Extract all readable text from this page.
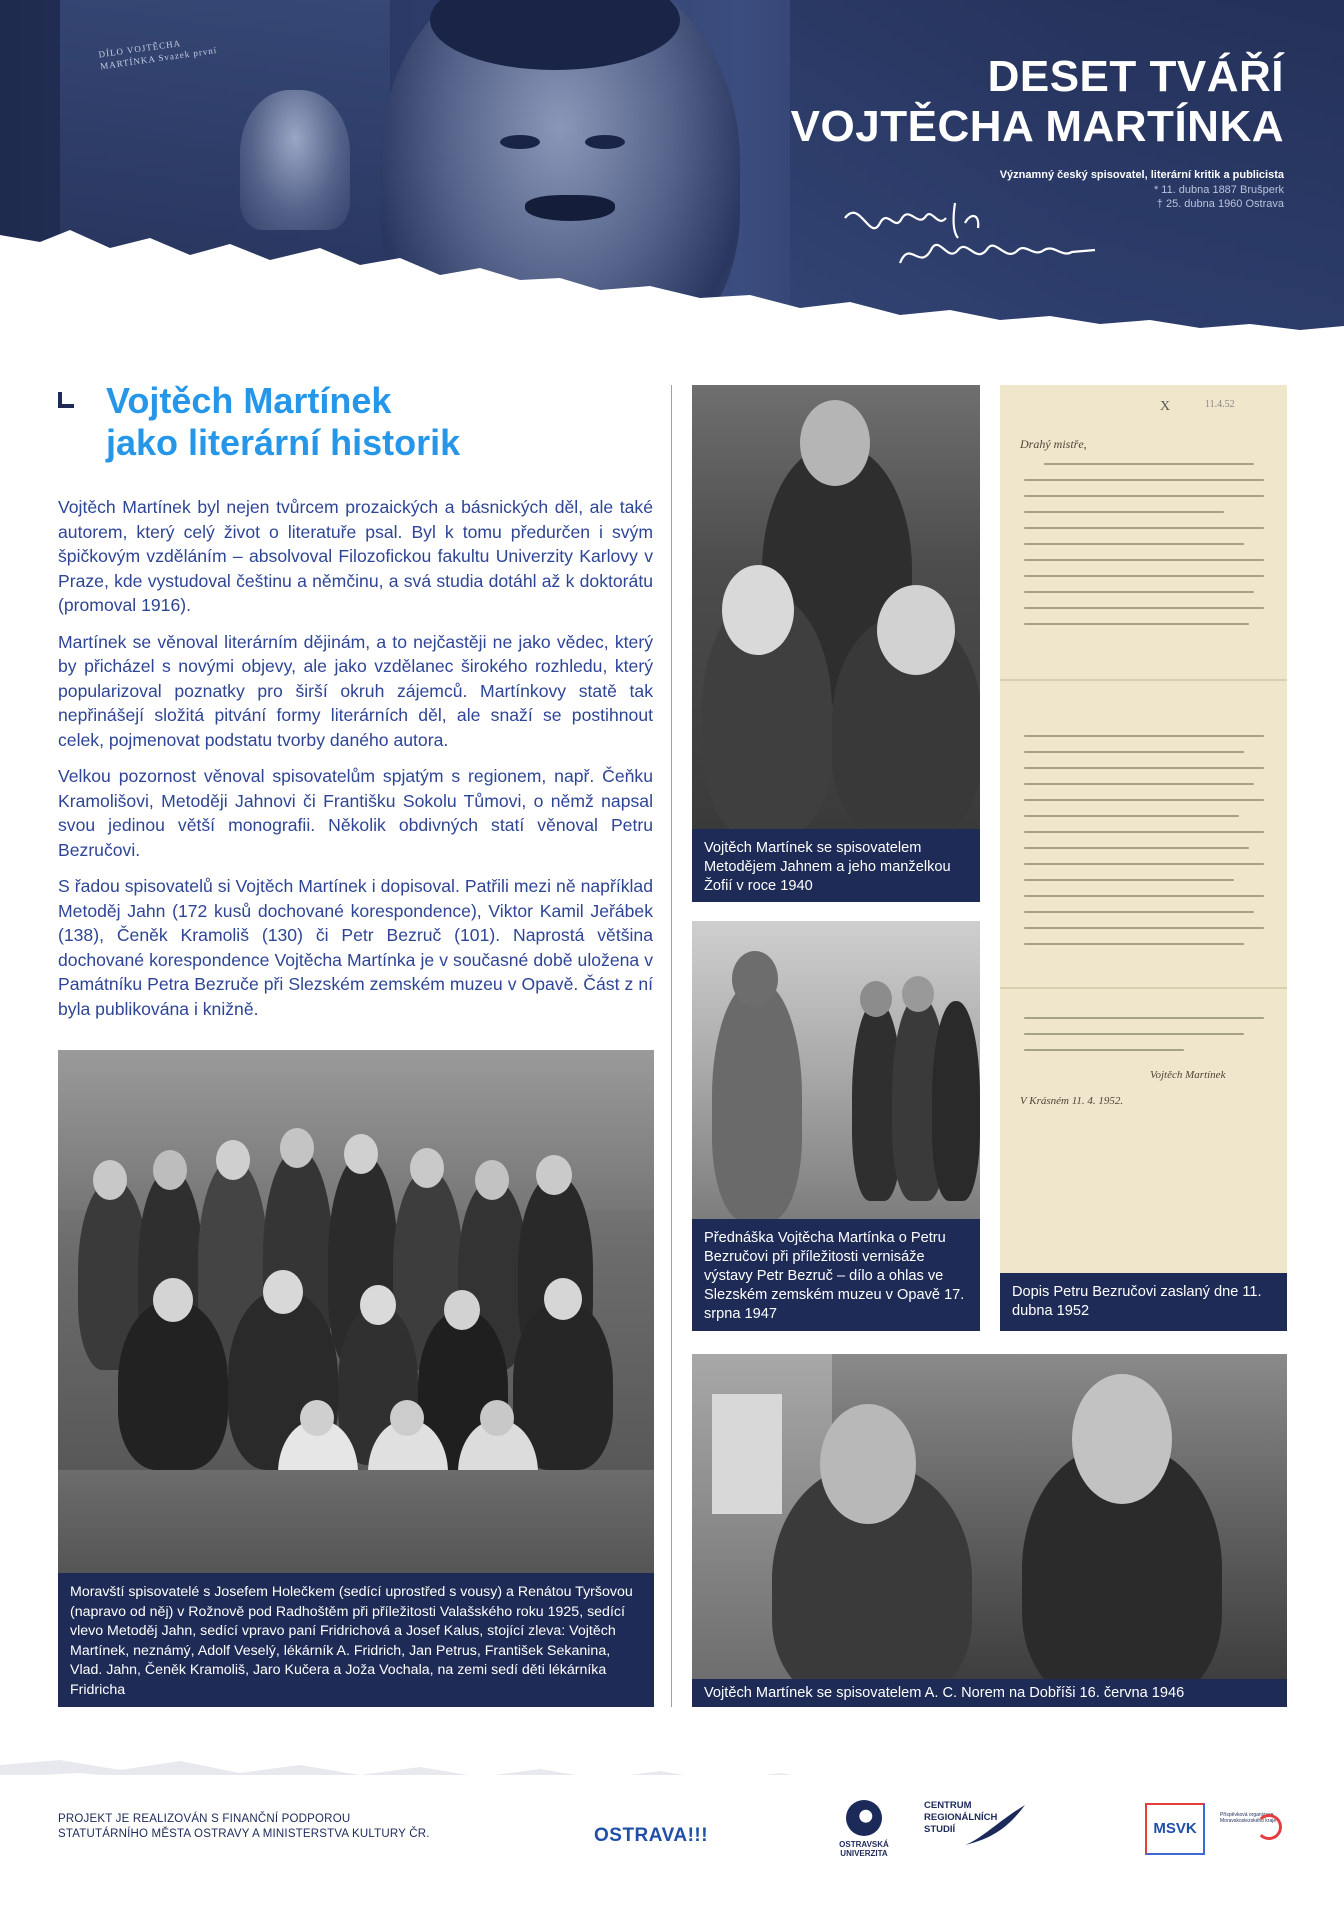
DÍLO VOJTĚCHA MARTÍNKA Svazek první	DESET TVÁŘÍ
VOJTĚCHA MARTÍNKA
Významný český spisovatel, literární kritik a publicista
* 11. dubna 1887 Brušperk
† 25. dubna 1960 Ostrava
Vojtěch Martínek
jako literární historik

Vojtěch Martínek byl nejen tvůrcem prozaických a básnických děl, ale také autorem, který celý život o literatuře psal. Byl k tomu předurčen i svým špičkovým vzděláním – absolvoval Filozofickou fakultu Univerzity Karlovy v Praze, kde vystudoval češtinu a němčinu, a svá studia dotáhl až k doktorátu (promoval 1916).

Martínek se věnoval literárním dějinám, a to nejčastěji ne jako vědec, který by přicházel s novými objevy, ale jako vzdělanec širokého rozhledu, který popularizoval poznatky pro širší okruh zájemců. Martínkovy statě tak nepřinášejí složitá pitvání formy literárních děl, ale snaží se postihnout celek, pojmenovat podstatu tvorby daného autora.

Velkou pozornost věnoval spisovatelům spjatým s regionem, např. Čeňku Kramolišovi, Metoději Jahnovi či Františku Sokolu Tůmovi, o němž napsal svou jedinou větší monografii. Několik obdivných statí věnoval Petru Bezručovi.

S řadou spisovatelů si Vojtěch Martínek i dopisoval. Patřili mezi ně například Metoděj Jahn (172 kusů dochované korespondence), Viktor Kamil Jeřábek (138), Čeněk Kramoliš (130) či Petr Bezruč (101). Naprostá většina dochované korespondence Vojtěcha Martínka je v současné době uložena v Památníku Petra Bezruče při Slezském zemském muzeu v Opavě. Část z ní byla publikována i knižně.

Moravští spisovatelé s Josefem Holečkem (sedící uprostřed s vousy) a Renátou Tyršovou (napravo od něj) v Rožnově pod Radhoštěm při příležitosti Valašského roku 1925, sedící vlevo Metoděj Jahn, sedící vpravo paní Fridrichová a Josef Kalus, stojící zleva: Vojtěch Martínek, neznámý, Adolf Veselý, lékárník A. Fridrich, Jan Petrus, František Sekanina, Vlad. Jahn, Čeněk Kramoliš, Jaro Kučera a Joža Vochala, na zemi sedí děti lékárníka Fridricha
Vojtěch Martínek se spisovatelem Metodějem Jahnem a jeho manželkou Žofií v roce 1940
Přednáška Vojtěcha Martínka o Petru Bezručovi při příležitosti vernisáže výstavy Petr Bezruč – dílo a ohlas ve Slezském zemském muzeu v Opavě 17. srpna 1947
X	11.4.52
Drahý mistře,
Vojtěch Martínek
V Krásném 11. 4. 1952.
Dopis Petru Bezručovi zaslaný dne 11. dubna 1952
Vojtěch Martínek se spisovatelem A. C. Norem na Dobříši 16. června 1946
PROJEKT JE REALIZOVÁN S FINANČNÍ PODPOROU
STATUTÁRNÍHO MĚSTA OSTRAVY A MINISTERSTVA KULTURY ČR.	OSTRAVA!!!	OSTRAVSKÁ
UNIVERZITA
CENTRUM
REGIONÁLNÍCH
STUDIÍ	MSVK
Příspěvková organizace Moravskoslezského kraje
